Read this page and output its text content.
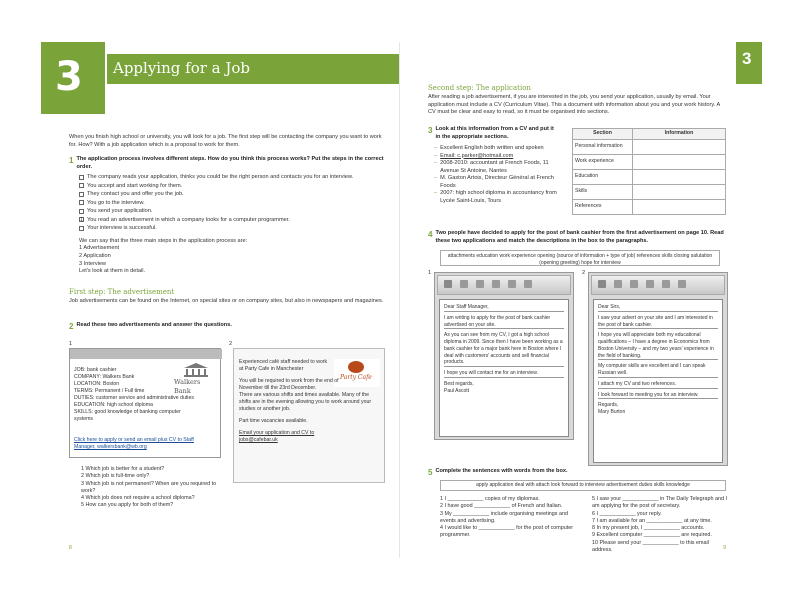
3 Applying for a Job
When you finish high school or university, you will look for a job. The first step will be contacting the company you want to work for. How? With a job application which is a proposal to work for them.
1 The application process involves different steps. How do you think this process works? Put the steps in the correct order.
The company reads your application, thinks you could be the right person and contacts you for an interview.
You accept and start working for them.
They contact you and offer you the job.
You go to the interview.
You send your application.
1 You read an advertisement in which a company looks for a computer programmer.
Your interview is successful.
We can say that the three main steps in the application process are:
1 Advertisement
2 Application
3 Interview
Let's look at them in detail.
First step: The advertisement
Job advertisements can be found on the Internet, on special sites or on company sites, but also in newspapers and magazines.
2 Read these two advertisements and answer the questions.
1
Walkers Bank
JOB: bank cashier
COMPANY: Walkers Bank
LOCATION: Boston
TERMS: Permanent / Full time
DUTIES: customer service and administrative duties
EDUCATION: high school diploma
SKILLS: good knowledge of banking computer systems
Click here to apply or send an email plus CV to Staff Manager, walkersbank@wb.org
2
Party Cafe
Experienced café staff needed to work at Party Cafe in Manchester
You will be required to work from the end of November till the 23rd December.
There are various shifts and times available. Many of the shifts are in the evening allowing you to work around your studies or another job.
Part time vacancies available.
Email your application and CV to jobs@cafebar.uk
1 Which job is better for a student?
2 Which job is full-time only?
3 Which job is not permanent? When are you required to work?
4 Which job does not require a school diploma?
5 How can you apply for both of them?
8
3
Second step: The application
After reading a job advertisement, if you are interested in the job, you send your application, usually by email. Your application must include a CV (Curriculum Vitae). This a document with information about you and your work history. A CV must be clear and easy to read, so it must be organised into sections.
3 Look at this information from a CV and put it in the appropriate sections.
– Excellent English both written and spoken
– Email: c.parker@hotmail.com
– 2008-2010: accountant at French Foods, 11 Avenue St Antoine, Nantes
– M. Gaston Artois, Directeur Général at French Foods
– 2007: high school diploma in accountancy from Lycée Saint-Louis, Tours
Section	Information
Personal information	
Work experience	
Education	
Skills	
References	
4 Two people have decided to apply for the post of bank cashier from the first advertisement on page 10. Read these two applications and match the descriptions in the box to the paragraphs.
attachments education work experience opening (source of information + type of job) references skills closing salutation (opening greeting) hope for interview
1

Dear Staff Manager,

I am writing to apply for the post of bank cashier advertised on your site.

As you can see from my CV, I got a high school diploma in 2009. Since then I have been working as a bank cashier for a major bank here in Boston where I deal with customers' accounts and sell financial products.

I hope you will contact me for an interview.

Best regards,
Paul Ascott
2

Dear Sirs,

I saw your advert on your site and I am interested in the post of bank cashier.

I hope you will appreciate both my educational qualifications – I have a degree in Economics from Boston University – and my two years' experience in the field of banking.

My computer skills are excellent and I can speak Russian well.

I attach my CV and two references.

I look forward to meeting you for an interview.

Regards,
Mary Burton
5 Complete the sentences with words from the box.
apply application deal with attach look forward to interview advertisement duties skills knowledge
1 I ____________ copies of my diplomas.
2 I have good ____________ of French and Italian.
3 My ____________ include organising meetings and events and advertising.
4 I would like to ____________ for the post of computer programmer.
5 I saw your ____________ in The Daily Telegraph and I am applying for the post of secretary.
6 I ____________ your reply.
7 I am available for an ____________ at any time.
8 In my present job, I ____________ accounts.
9 Excellent computer ____________ are required.
10 Please send your ____________ to this email address.	9
